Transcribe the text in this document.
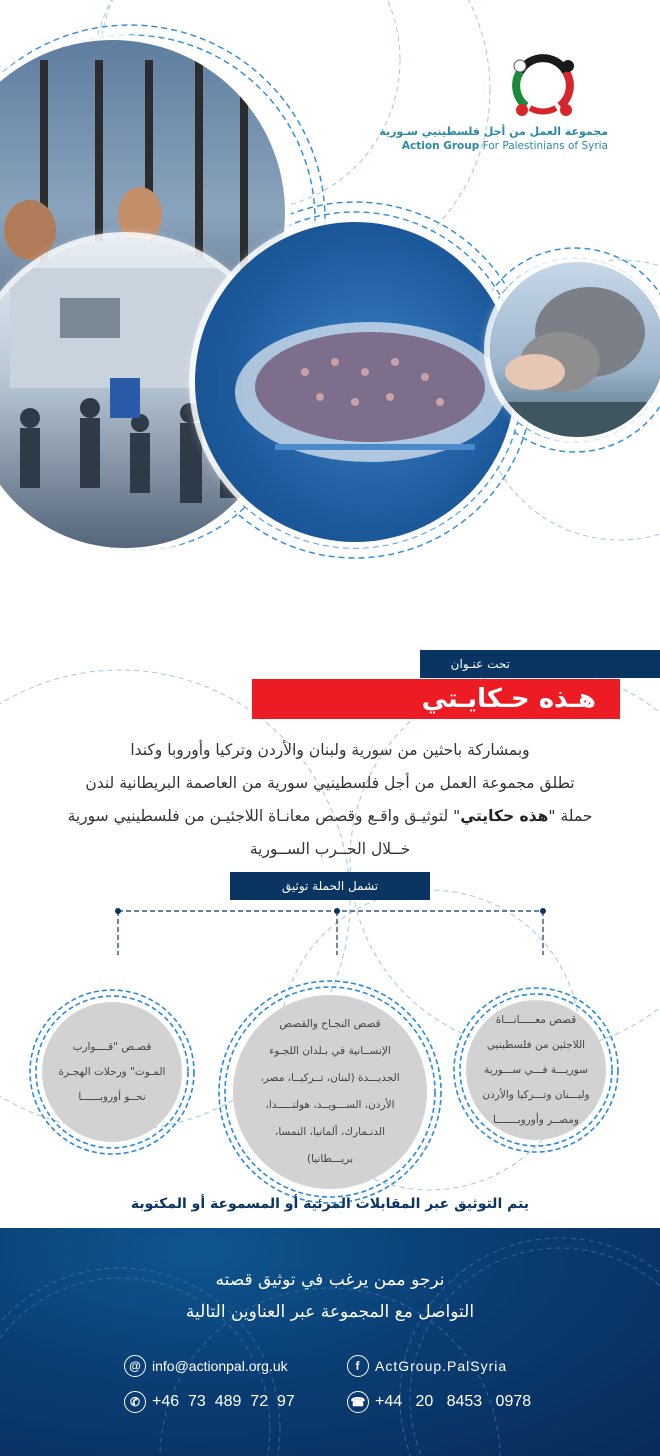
مجموعة العمل من أجل فلسطينيي سـورية
Action Group For Palestinians of Syria
تحت عنـوان
هـذه حـكايـتي
وبمشاركة باحثين من سورية ولبنان والأردن وتركيا وأوروبا وكندا
تطلق مجموعة العمل من أجل فلسطينيي سورية من العاصمة البريطانية لندن
حملة "هذه حكايتي" لتوثيـق واقـع وقصص معانـاة اللاجئيـن من فلسطينيي سورية
خــلال الحــرب الســورية
تشمل الحملة توثيق
قصص معـــــانـــاة
اللاجئين من فلسطينيي
سوريـــة فـــي ســـورية
ولبـــنان وتـــركيا والأردن
ومصــر وأوروبـــــــا
قصص النجـاح والقصص
الإنســانية في بـلدان اللجـوء
الجديـــدة (لبنان، تــركيــا، مصر،
الأردن، الســـويــد، هولنـــــدا،
الدنـمارك، ألمانيا، النمسا،
بريـــطانيا)
قصـص "قــــوارب
المـوت" ورحلات الهجـرة
نحــو أوروبــــــا
يتم التوثيق عبر المقابلات المرئية أو المسموعة أو المكتوبة
نرجو ممن يرغب في توثيق قصته
التواصل مع المجموعة عبر العناوين التالية
@ info@actionpal.org.uk	f	ActGroup.PalSyria
✆ +46  73  489  72  97	☎ +44   20   8453   0978
